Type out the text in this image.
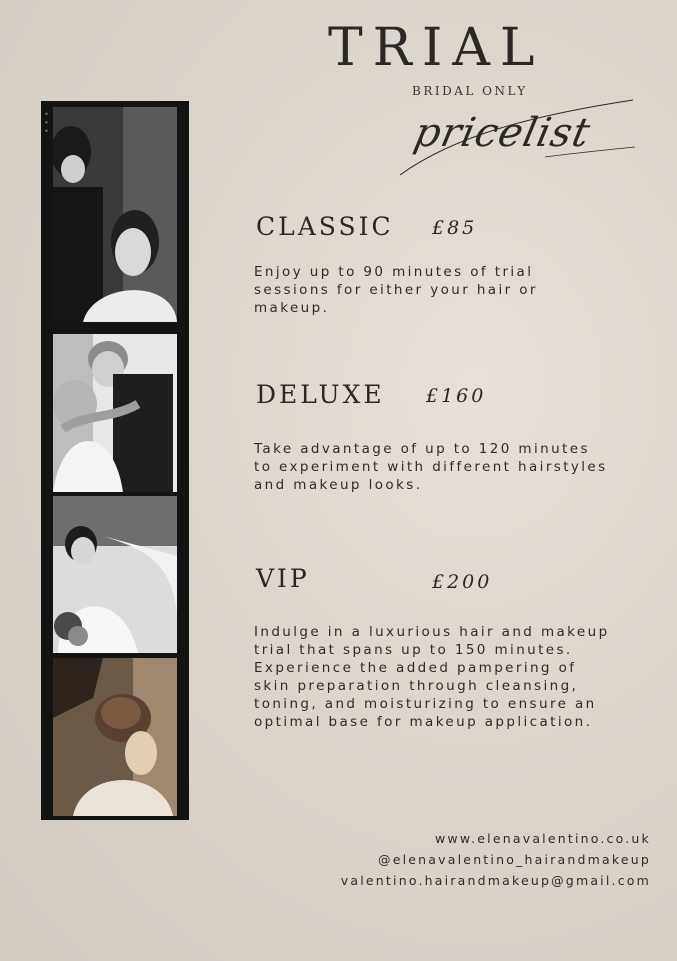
TRIAL
BRIDAL ONLY
pricelist
◂ ◂ ◂
CLASSIC £85
Enjoy up to 90 minutes of trial sessions for either your hair or makeup.
DELUXE £160
Take advantage of up to 120 minutes to experiment with different hairstyles and makeup looks.
VIP	£200
Indulge in a luxurious hair and makeup trial that spans up to 150 minutes. Experience the added pampering of skin preparation through cleansing, toning, and moisturizing to ensure an optimal base for makeup application.
www.elenavalentino.co.uk
@elenavalentino_hairandmakeup
valentino.hairandmakeup@gmail.com
